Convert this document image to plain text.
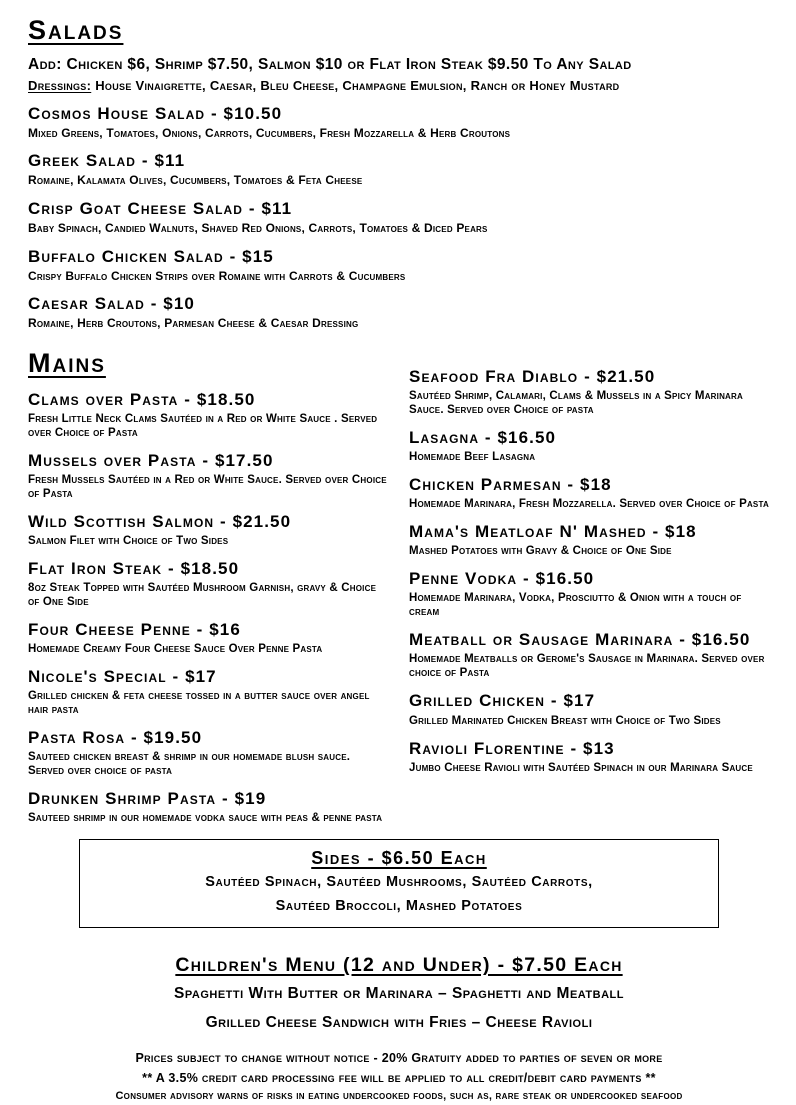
Salads
Add: Chicken $6, Shrimp $7.50, Salmon $10 or Flat Iron Steak $9.50 To Any Salad
Dressings: House Vinaigrette, Caesar, Bleu Cheese, Champagne Emulsion, Ranch or Honey Mustard
Cosmos House Salad - $10.50
Mixed Greens, Tomatoes, Onions, Carrots, Cucumbers, Fresh Mozzarella & Herb Croutons
Greek Salad - $11
Romaine, Kalamata Olives, Cucumbers, Tomatoes & Feta Cheese
Crisp Goat Cheese Salad - $11
Baby Spinach, Candied Walnuts, Shaved Red Onions, Carrots, Tomatoes & Diced Pears
Buffalo Chicken Salad - $15
Crispy Buffalo Chicken Strips over Romaine with Carrots & Cucumbers
Caesar Salad - $10
Romaine, Herb Croutons, Parmesan Cheese & Caesar Dressing
Mains
Clams over Pasta - $18.50
Fresh Little Neck Clams Sautéed in a Red or White Sauce . Served over Choice of Pasta
Mussels over Pasta - $17.50
Fresh Mussels Sautéed in a Red or White Sauce. Served over Choice of Pasta
Wild Scottish Salmon - $21.50
Salmon Filet with Choice of Two Sides
Flat Iron Steak - $18.50
8oz Steak Topped with Sautéed Mushroom Garnish, gravy & Choice of One Side
Four Cheese Penne - $16
Homemade Creamy Four Cheese Sauce Over Penne Pasta
Nicole's Special - $17
Grilled chicken & feta cheese tossed in a butter sauce over angel hair pasta
Pasta Rosa - $19.50
Sauteed chicken breast & shrimp in our homemade blush sauce. Served over choice of pasta
Drunken Shrimp Pasta - $19
Sauteed shrimp in our homemade vodka sauce with peas & penne pasta
Seafood Fra Diablo - $21.50
Sautéed Shrimp, Calamari, Clams & Mussels in a Spicy Marinara Sauce. Served over Choice of pasta
Lasagna - $16.50
Homemade Beef Lasagna
Chicken Parmesan - $18
Homemade Marinara, Fresh Mozzarella. Served over Choice of Pasta
Mama's Meatloaf N' Mashed - $18
Mashed Potatoes with Gravy & Choice of One Side
Penne Vodka - $16.50
Homemade Marinara, Vodka, Prosciutto & Onion with a touch of cream
Meatball or Sausage Marinara - $16.50
Homemade Meatballs or Gerome's Sausage in Marinara. Served over choice of Pasta
Grilled Chicken - $17
Grilled Marinated Chicken Breast with Choice of Two Sides
Ravioli Florentine - $13
Jumbo Cheese Ravioli with Sautéed Spinach in our Marinara Sauce
Sides - $6.50 Each
Sautéed Spinach, Sautéed Mushrooms, Sautéed Carrots,
Sautéed Broccoli, Mashed Potatoes
Children's Menu (12 and Under) - $7.50 Each
Spaghetti With Butter or Marinara – Spaghetti and Meatball
Grilled Cheese Sandwich with Fries – Cheese Ravioli
Prices subject to change without notice - 20% Gratuity added to parties of seven or more
** A 3.5% credit card processing fee will be applied to all credit/debit card payments **
Consumer advisory warns of risks in eating undercooked foods, such as, rare steak or undercooked seafood
